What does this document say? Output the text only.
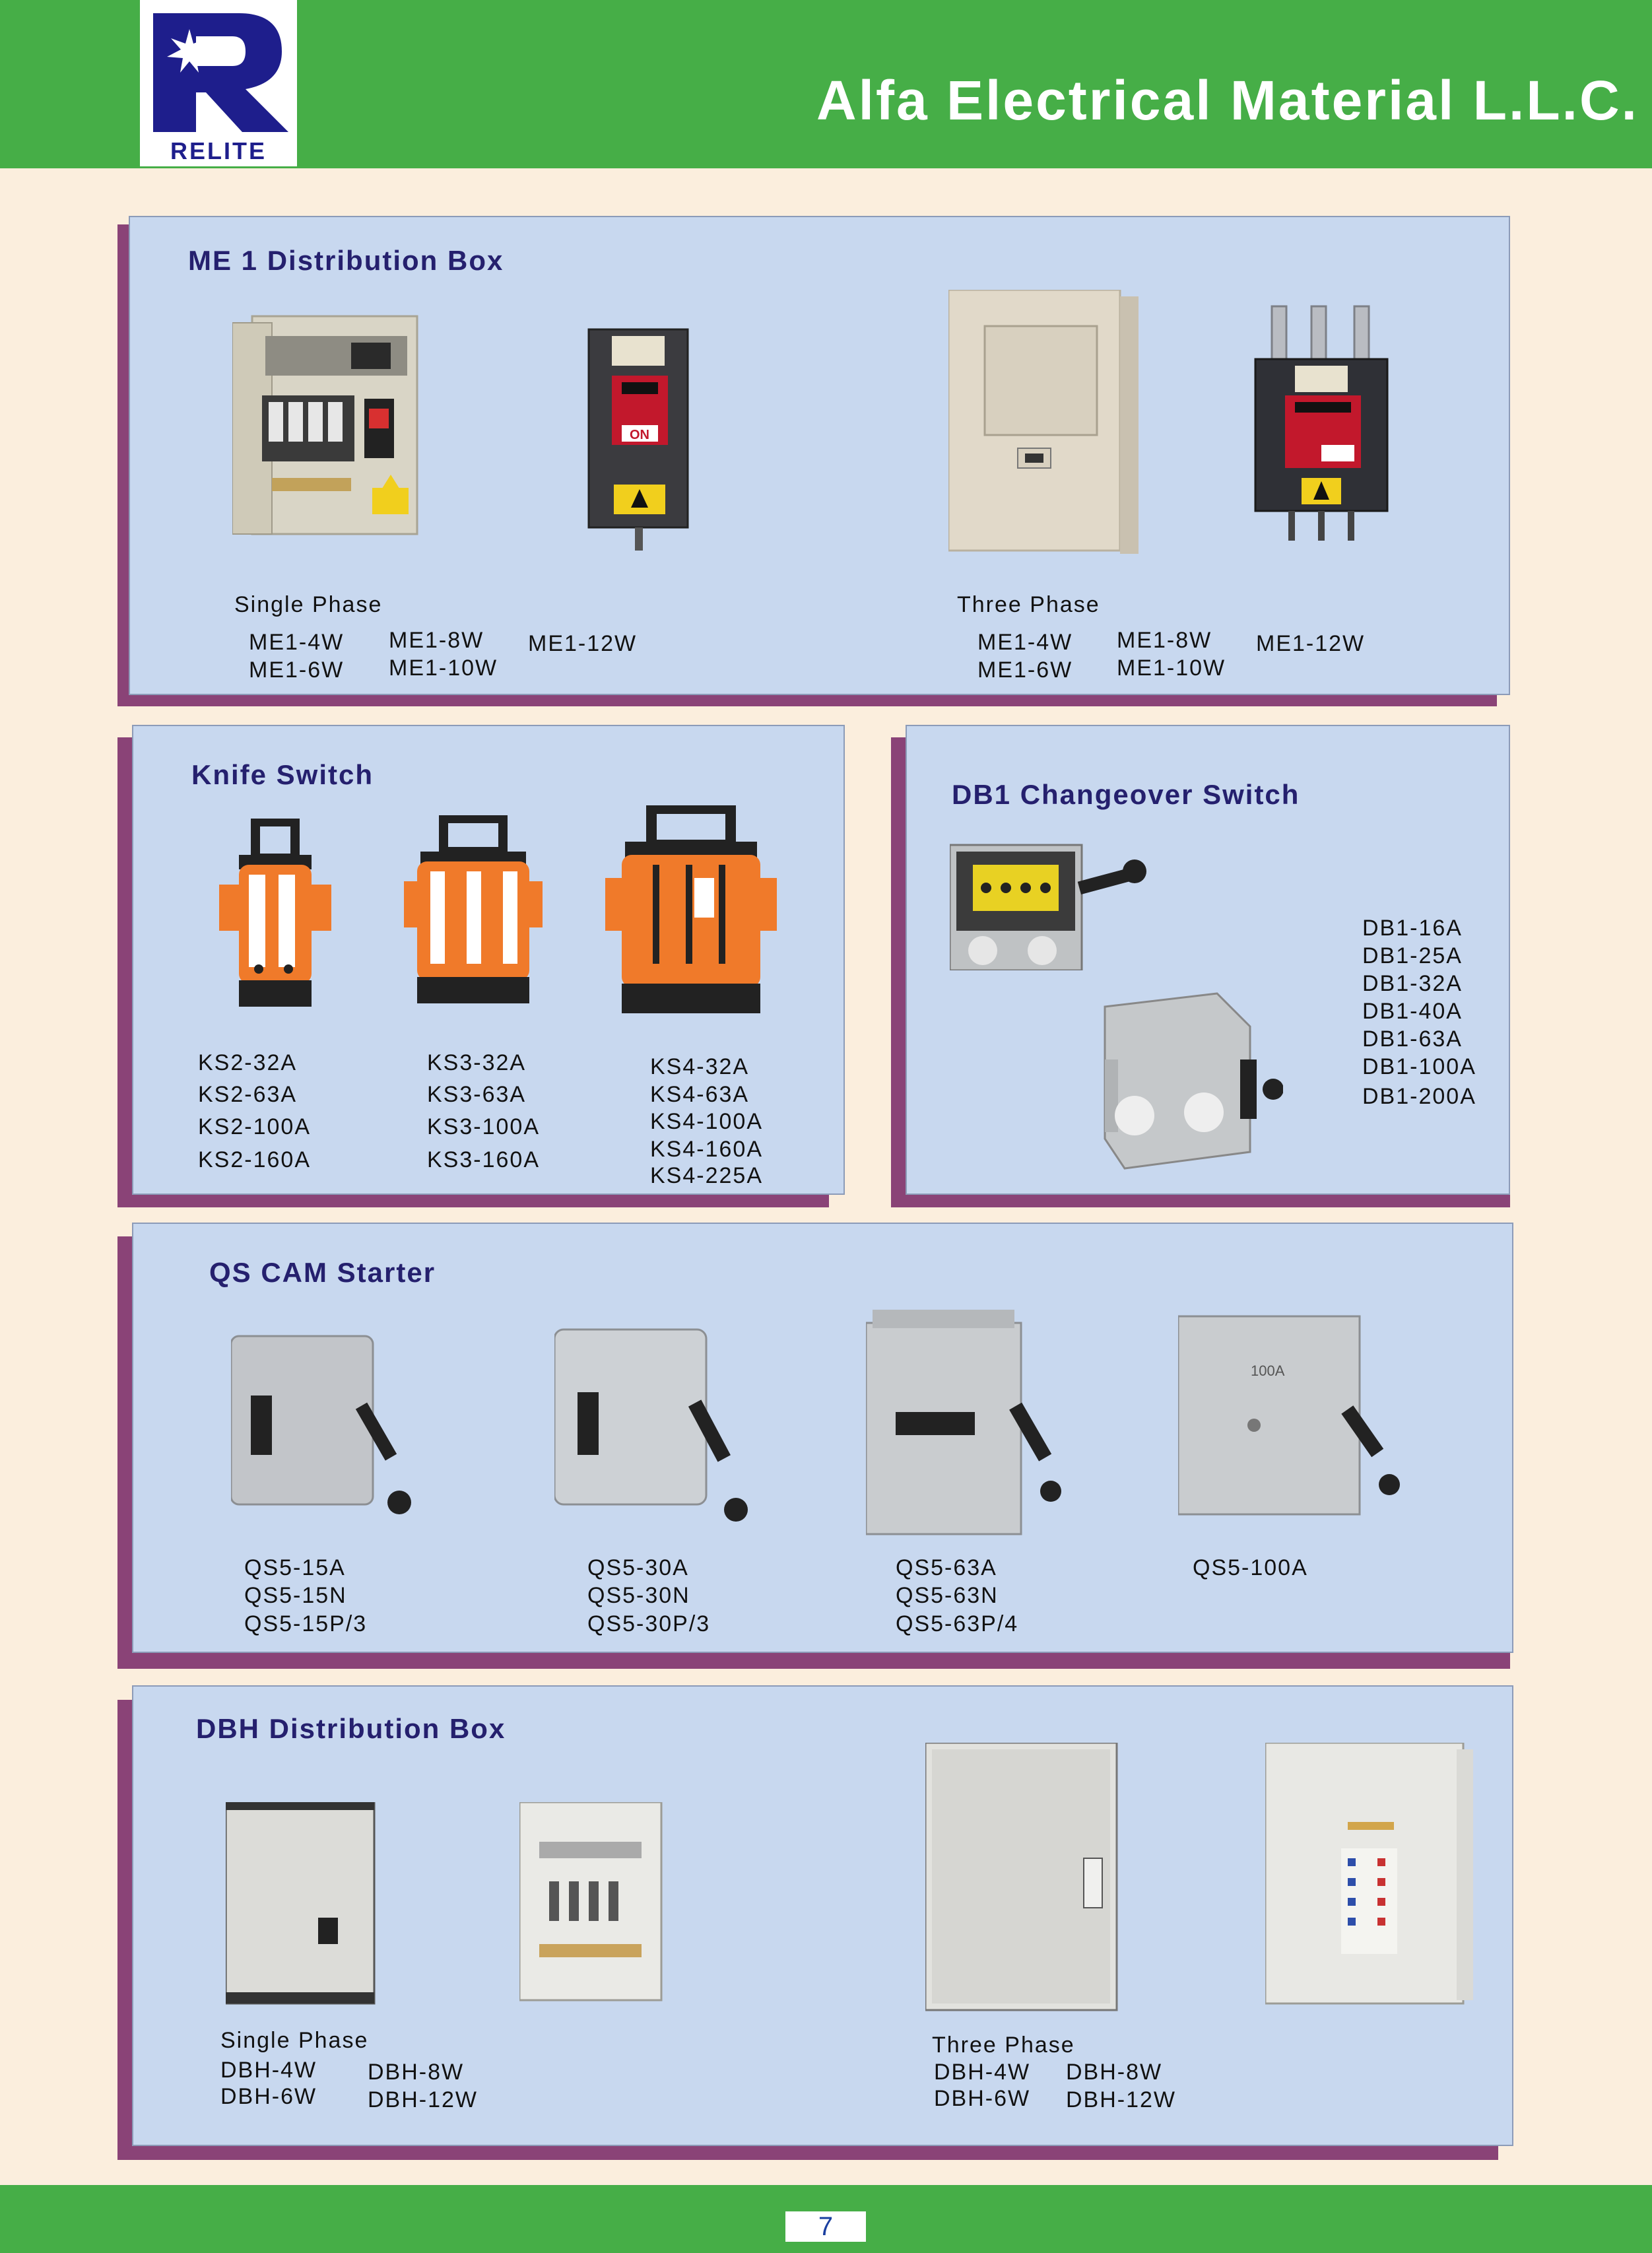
RELITE
Alfa Electrical Material L.L.C.
ME 1 Distribution Box
ON
Single Phase
ME1-4W
ME1-6W
ME1-8W
ME1-10W
ME1-12W
Three Phase
ME1-4W
ME1-6W
ME1-8W
ME1-10W
ME1-12W
Knife Switch
KS2-32A
KS2-63A
KS2-100A
KS2-160A
KS3-32A
KS3-63A
KS3-100A
KS3-160A
KS4-32A
KS4-63A
KS4-100A
KS4-160A
KS4-225A
DB1 Changeover Switch
DB1-16A
DB1-25A
DB1-32A
DB1-40A
DB1-63A
DB1-100A
DB1-200A
QS CAM Starter
100A
QS5-15A
QS5-15N
QS5-15P/3
QS5-30A
QS5-30N
QS5-30P/3
QS5-63A
QS5-63N
QS5-63P/4
QS5-100A
DBH Distribution Box
Single Phase
DBH-4W
DBH-6W
DBH-8W
DBH-12W
Three Phase
DBH-4W
DBH-6W
DBH-8W
DBH-12W
7
